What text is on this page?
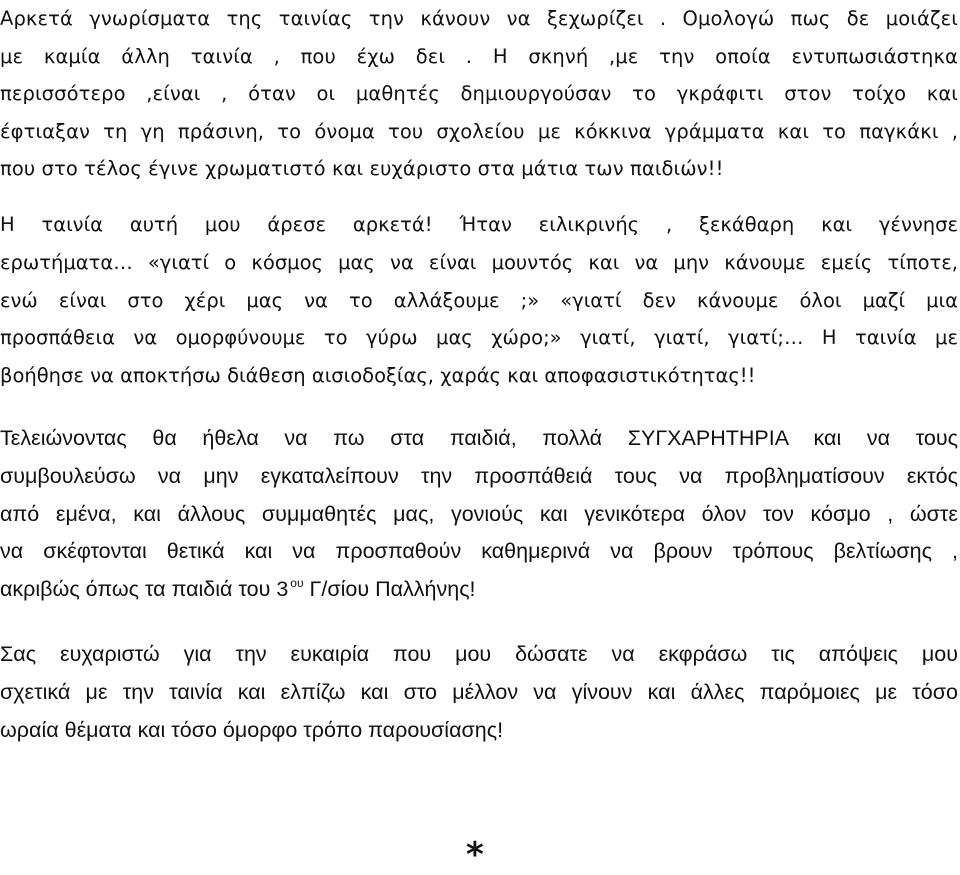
Αρκετά γνωρίσματα της ταινίας την κάνουν να ξεχωρίζει . Ομολογώ πως δε μοιάζει
με καμία άλλη ταινία , που έχω δει . Η σκηνή ,με την οποία εντυπωσιάστηκα
περισσότερο ,είναι , όταν οι μαθητές δημιουργούσαν το γκράφιτι στον τοίχο και
έφτιαξαν τη γη πράσινη, το όνομα του σχολείου με κόκκινα γράμματα και το παγκάκι ,
που στο τέλος έγινε χρωματιστό και ευχάριστο στα μάτια των παιδιών!!

Η ταινία αυτή μου άρεσε αρκετά! Ήταν ειλικρινής , ξεκάθαρη και γέννησε
ερωτήματα… «γιατί ο κόσμος μας να είναι μουντός και να μην κάνουμε εμείς τίποτε,
ενώ είναι στο χέρι μας να το αλλάξουμε ;» «γιατί δεν κάνουμε όλοι μαζί μια
προσπάθεια να ομορφύνουμε το γύρω μας χώρο;» γιατί, γιατί, γιατί;… Η ταινία με
βοήθησε να αποκτήσω διάθεση αισιοδοξίας, χαράς και αποφασιστικότητας!!

Τελειώνοντας θα ήθελα να πω στα παιδιά, πολλά ΣΥΓΧΑΡΗΤΗΡΙΑ και να τους
συμβουλεύσω να μην εγκαταλείπουν την προσπάθειά τους να προβληματίσουν εκτός
από εμένα, και άλλους συμμαθητές μας, γονιούς και γενικότερα όλον τον κόσμο , ώστε
να σκέφτονται θετικά και να προσπαθούν καθημερινά να βρουν τρόπους βελτίωσης ,
ακριβώς όπως τα παιδιά του 3 $^{o\upsilon}$ Γ/σίου Παλλήνης!

Σας ευχαριστώ για την ευκαιρία που μου δώσατε να εκφράσω τις απόψεις μου
σχετικά με την ταινία και ελπίζω και στο μέλλον να γίνουν και άλλες παρόμοιες με τόσο
ωραία θέματα και τόσο όμορφο τρόπο παρουσίασης!

*
